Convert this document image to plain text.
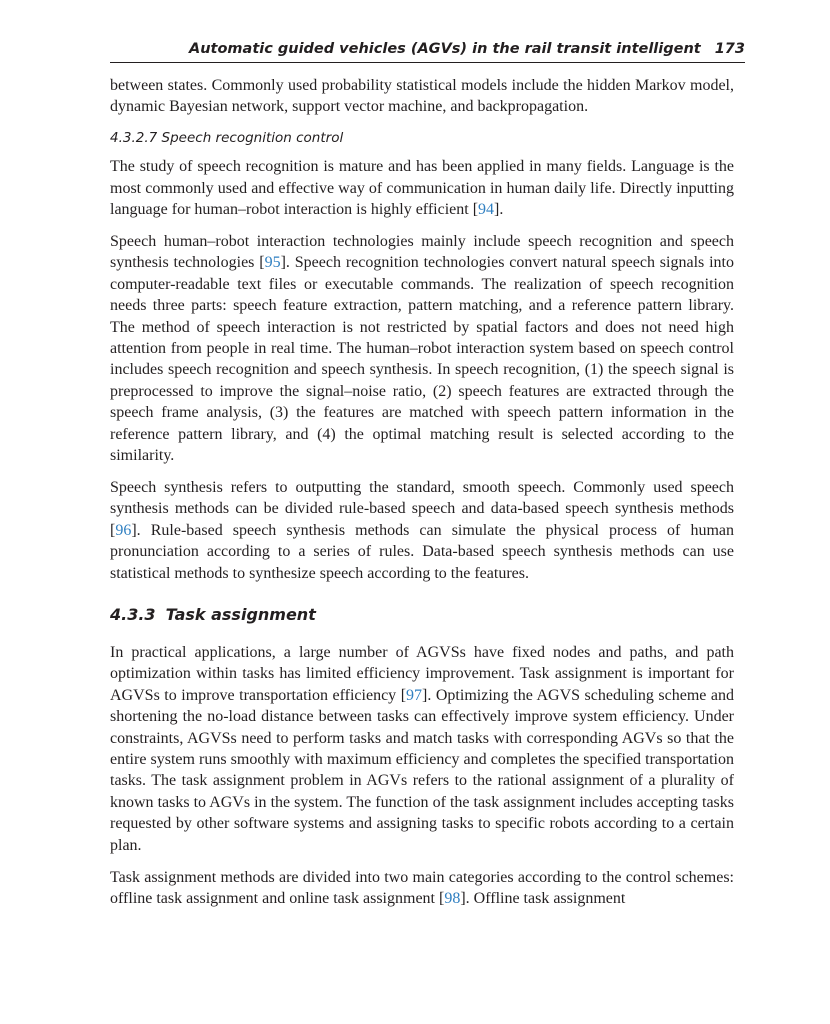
Automatic guided vehicles (AGVs) in the rail transit intelligent 173

between states. Commonly used probability statistical models include the hidden Markov model, dynamic Bayesian network, support vector machine, and backpropagation.

4.3.2.7 Speech recognition control

The study of speech recognition is mature and has been applied in many fields. Language is the most commonly used and effective way of communication in human daily life. Directly inputting language for human–robot interaction is highly efficient [94].

Speech human–robot interaction technologies mainly include speech recognition and speech synthesis technologies [95]. Speech recognition technologies convert natural speech signals into computer-readable text files or executable commands. The realization of speech recognition needs three parts: speech feature extraction, pattern matching, and a reference pattern library. The method of speech interaction is not restricted by spatial factors and does not need high attention from people in real time. The human–robot interaction system based on speech control includes speech recognition and speech synthesis. In speech recognition, (1) the speech signal is preprocessed to improve the signal–noise ratio, (2) speech features are extracted through the speech frame analysis, (3) the features are matched with speech pattern information in the reference pattern library, and (4) the optimal matching result is selected according to the similarity.

Speech synthesis refers to outputting the standard, smooth speech. Commonly used speech synthesis methods can be divided rule-based speech and data-based speech synthesis methods [96]. Rule-based speech synthesis methods can simulate the physical process of human pronunciation according to a series of rules. Data-based speech synthesis methods can use statistical methods to synthesize speech according to the features.

4.3.3 Task assignment

In practical applications, a large number of AGVSs have fixed nodes and paths, and path optimization within tasks has limited efficiency improvement. Task assignment is important for AGVSs to improve transportation efficiency [97]. Optimizing the AGVS scheduling scheme and shortening the no-load distance between tasks can effectively improve system efficiency. Under constraints, AGVSs need to perform tasks and match tasks with corresponding AGVs so that the entire system runs smoothly with maximum efficiency and completes the specified transportation tasks. The task assignment problem in AGVs refers to the rational assignment of a plurality of known tasks to AGVs in the system. The function of the task assignment includes accepting tasks requested by other software systems and assigning tasks to specific robots according to a certain plan.

Task assignment methods are divided into two main categories according to the control schemes: offline task assignment and online task assignment [98]. Offline task assignment
